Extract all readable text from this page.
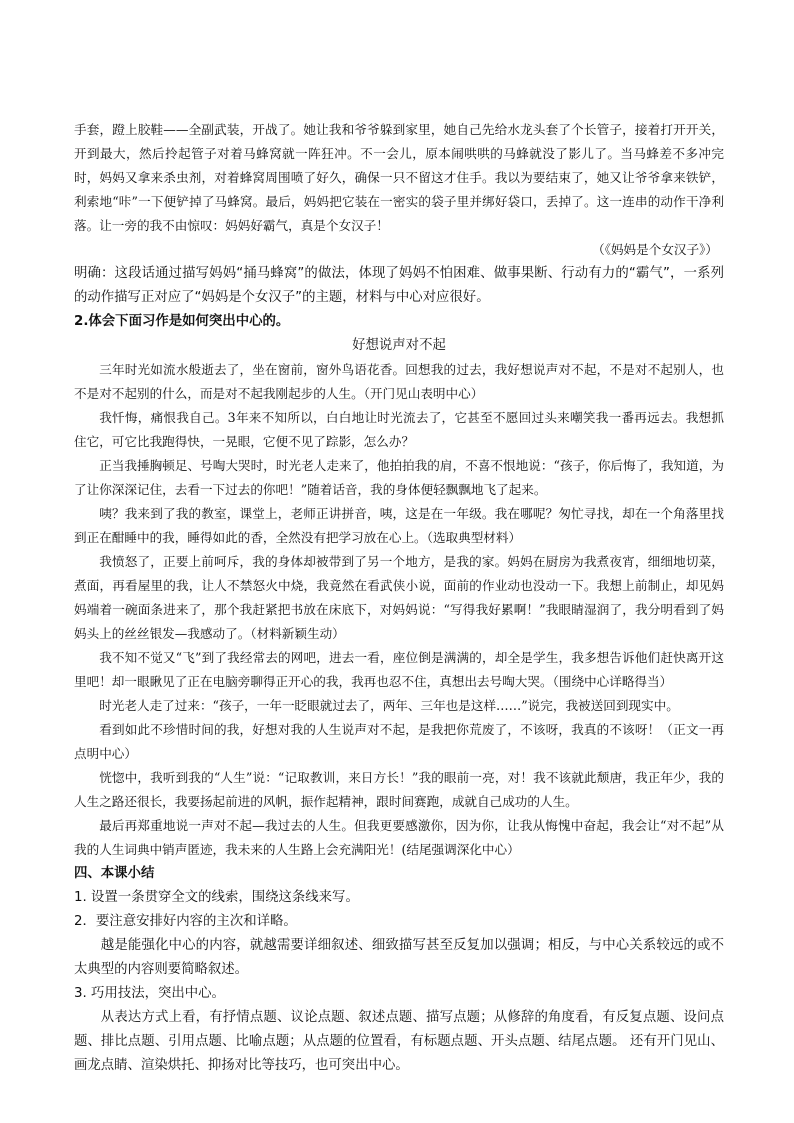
手套，蹬上胶鞋——全副武装，开战了。她让我和爷爷躲到家里，她自己先给水龙头套了个长管子，接着打开开关，开到最大，然后拎起管子对着马蜂窝就一阵狂冲。不一会儿，原本闹哄哄的马蜂就没了影儿了。当马蜂差不多冲完时，妈妈又拿来杀虫剂，对着蜂窝周围喷了好久，确保一只不留这才住手。我以为要结束了，她又让爷爷拿来铁铲，利索地“咔”一下便铲掉了马蜂窝。最后，妈妈把它装在一密实的袋子里并绑好袋口，丢掉了。这一连串的动作干净利落。让一旁的我不由惊叹：妈妈好霸气，真是个女汉子！

（《妈妈是个女汉子》）

明确：这段话通过描写妈妈“捅马蜂窝”的做法，体现了妈妈不怕困难、做事果断、行动有力的“霸气”，一系列的动作描写正对应了“妈妈是个女汉子”的主题，材料与中心对应很好。

2.体会下面习作是如何突出中心的。

好想说声对不起

三年时光如流水般逝去了，坐在窗前，窗外鸟语花香。回想我的过去，我好想说声对不起，不是对不起别人，也不是对不起别的什么，而是对不起我刚起步的人生。（开门见山表明中心）

我忏悔，痛恨我自己。3年来不知所以，白白地让时光流去了，它甚至不愿回过头来嘲笑我一番再远去。我想抓住它，可它比我跑得快，一晃眼，它便不见了踪影，怎么办？

正当我捶胸顿足、号啕大哭时，时光老人走来了，他拍拍我的肩，不喜不恨地说：“孩子，你后悔了，我知道，为了让你深深记住，去看一下过去的你吧！”随着话音，我的身体便轻飘飘地飞了起来。

咦？我来到了我的教室，课堂上，老师正讲拼音，咦，这是在一年级。我在哪呢？匆忙寻找，却在一个角落里找到正在酣睡中的我，睡得如此的香，全然没有把学习放在心上。（选取典型材料）

我愤怒了，正要上前呵斥，我的身体却被带到了另一个地方，是我的家。妈妈在厨房为我煮夜宵，细细地切菜，煮面，再看屋里的我，让人不禁怒火中烧，我竟然在看武侠小说，面前的作业动也没动一下。我想上前制止，却见妈妈端着一碗面条进来了，那个我赶紧把书放在床底下，对妈妈说：“写得我好累啊！”我眼睛湿润了，我分明看到了妈妈头上的丝丝银发—我感动了。（材料新颖生动）

我不知不觉又“飞”到了我经常去的网吧，进去一看，座位倒是满满的，却全是学生，我多想告诉他们赶快离开这里吧！却一眼瞅见了正在电脑旁聊得正开心的我，我再也忍不住，真想出去号啕大哭。（围绕中心详略得当）

时光老人走了过来：“孩子，一年一眨眼就过去了，两年、三年也是这样……”说完，我被送回到现实中。

看到如此不珍惜时间的我，好想对我的人生说声对不起，是我把你荒废了，不该呀，我真的不该呀！（正文一再点明中心）

恍惚中，我听到我的“人生”说：“记取教训，来日方长！”我的眼前一亮，对！我不该就此颓唐，我正年少，我的人生之路还很长，我要扬起前进的风帆，振作起精神，跟时间赛跑，成就自己成功的人生。

最后再郑重地说一声对不起—我过去的人生。但我更要感激你，因为你，让我从悔愧中奋起，我会让“对不起”从我的人生词典中销声匿迹，我未来的人生路上会充满阳光！(结尾强调深化中心）

四、本课小结

1. 设置一条贯穿全文的线索，围绕这条线来写。

2．要注意安排好内容的主次和详略。

越是能强化中心的内容，就越需要详细叙述、细致描写甚至反复加以强调；相反，与中心关系较远的或不太典型的内容则要简略叙述。

3. 巧用技法，突出中心。

从表达方式上看，有抒情点题、议论点题、叙述点题、描写点题；从修辞的角度看，有反复点题、设问点题、排比点题、引用点题、比喻点题；从点题的位置看，有标题点题、开头点题、结尾点题。 还有开门见山、画龙点睛、渲染烘托、抑扬对比等技巧，也可突出中心。
